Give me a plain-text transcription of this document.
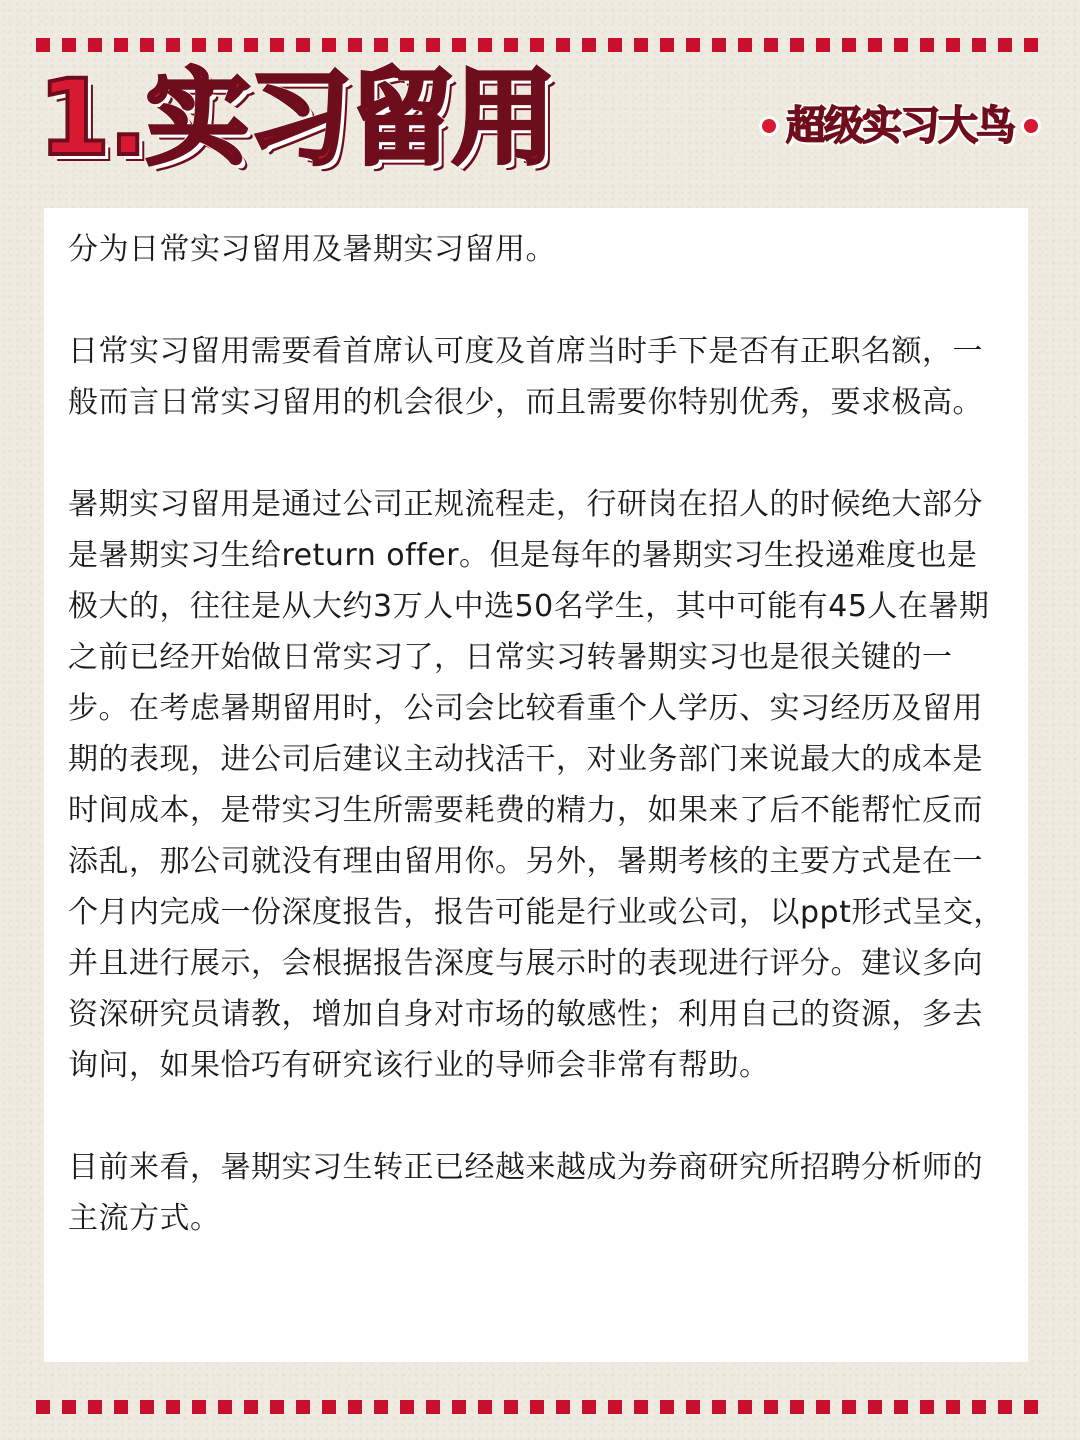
1.实习留用	超级实习大鸟

分为日常实习留用及暑期实习留用。

日常实习留用需要看首席认可度及首席当时手下是否有正职名额，一般而言日常实习留用的机会很少，而且需要你特别优秀，要求极高。

暑期实习留用是通过公司正规流程走，行研岗在招人的时候绝大部分是暑期实习生给return offer。但是每年的暑期实习生投递难度也是极大的，往往是从大约3万人中选50名学生，其中可能有45人在暑期之前已经开始做日常实习了，日常实习转暑期实习也是很关键的一步。在考虑暑期留用时，公司会比较看重个人学历、实习经历及留用期的表现，进公司后建议主动找活干，对业务部门来说最大的成本是时间成本，是带实习生所需要耗费的精力，如果来了后不能帮忙反而添乱，那公司就没有理由留用你。另外，暑期考核的主要方式是在一个月内完成一份深度报告，报告可能是行业或公司，以ppt形式呈交，并且进行展示，会根据报告深度与展示时的表现进行评分。建议多向资深研究员请教，增加自身对市场的敏感性；利用自己的资源，多去询问，如果恰巧有研究该行业的导师会非常有帮助。

目前来看，暑期实习生转正已经越来越成为券商研究所招聘分析师的主流方式。
